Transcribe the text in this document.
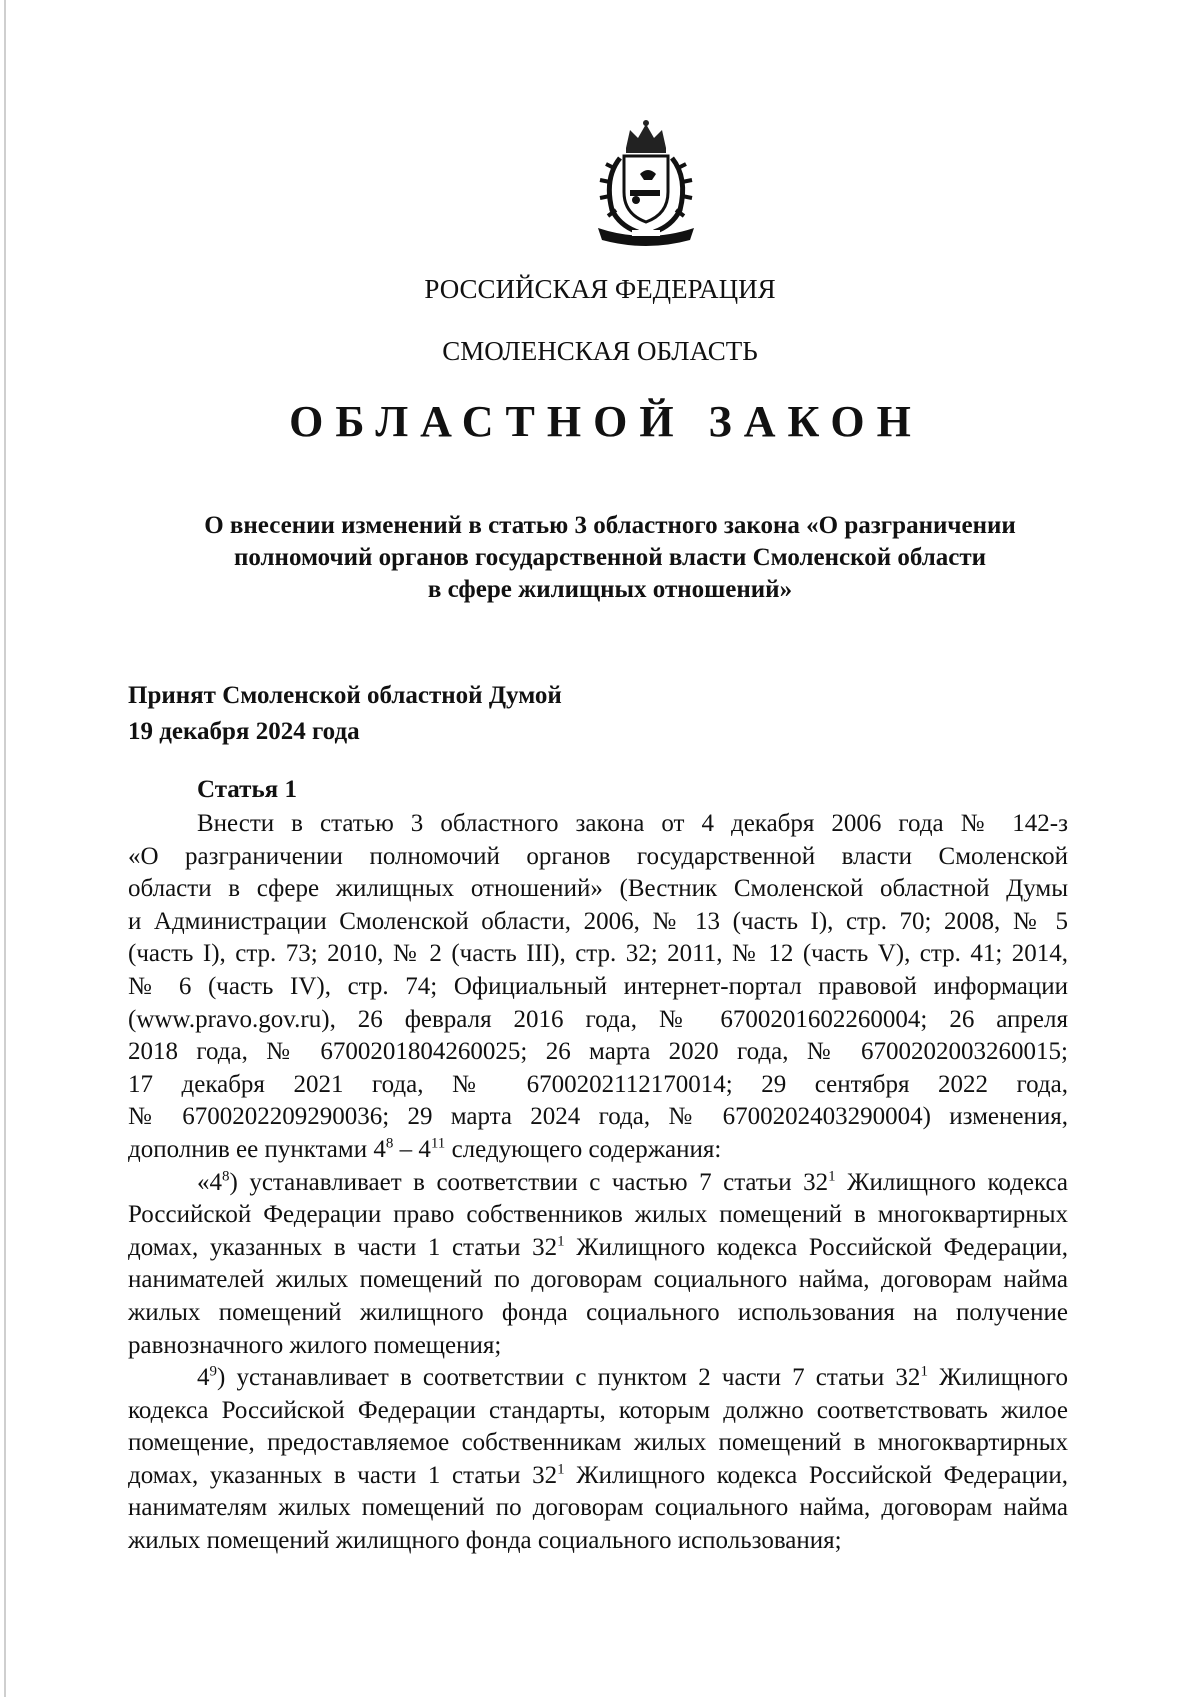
РОССИЙСКАЯ ФЕДЕРАЦИЯ
СМОЛЕНСКАЯ ОБЛАСТЬ
ОБЛАСТНОЙ ЗАКОН
О внесении изменений в статью 3 областного закона «О разграничении
полномочий органов государственной власти Смоленской области
в сфере жилищных отношений»
Принят Смоленской областной Думой
19 декабря 2024 года
Статья 1

Внести в статью 3 областного закона от 4 декабря 2006 года № 142-з
«О разграничении полномочий органов государственной власти Смоленской
области в сфере жилищных отношений» (Вестник Смоленской областной Думы
и Администрации Смоленской области, 2006, № 13 (часть I), стр. 70; 2008, № 5
(часть I), стр. 73; 2010, № 2 (часть III), стр. 32; 2011, № 12 (часть V), стр. 41; 2014,
№ 6 (часть IV), стр. 74; Официальный интернет-портал правовой информации
(www.pravo.gov.ru), 26 февраля 2016 года, № 6700201602260004; 26 апреля
2018 года, № 6700201804260025; 26 марта 2020 года, № 6700202003260015;
17 декабря 2021 года, № 6700202112170014; 29 сентября 2022 года,
№ 6700202209290036; 29 марта 2024 года, № 6700202403290004) изменения,
дополнив ее пунктами $4^8 - 4^{11}$ следующего содержания:

«$4^8$) устанавливает в соответствии с частью 7 статьи $32^1$ Жилищного кодекса
Российской Федерации право собственников жилых помещений в многоквартирных
домах, указанных в части 1 статьи $32^1$ Жилищного кодекса Российской Федерации,
нанимателей жилых помещений по договорам социального найма, договорам найма
жилых помещений жилищного фонда социального использования на получение
равнозначного жилого помещения;

$4^9$) устанавливает в соответствии с пунктом 2 части 7 статьи $32^1$ Жилищного
кодекса Российской Федерации стандарты, которым должно соответствовать жилое
помещение, предоставляемое собственникам жилых помещений в многоквартирных
домах, указанных в части 1 статьи $32^1$ Жилищного кодекса Российской Федерации,
нанимателям жилых помещений по договорам социального найма, договорам найма
жилых помещений жилищного фонда социального использования;
